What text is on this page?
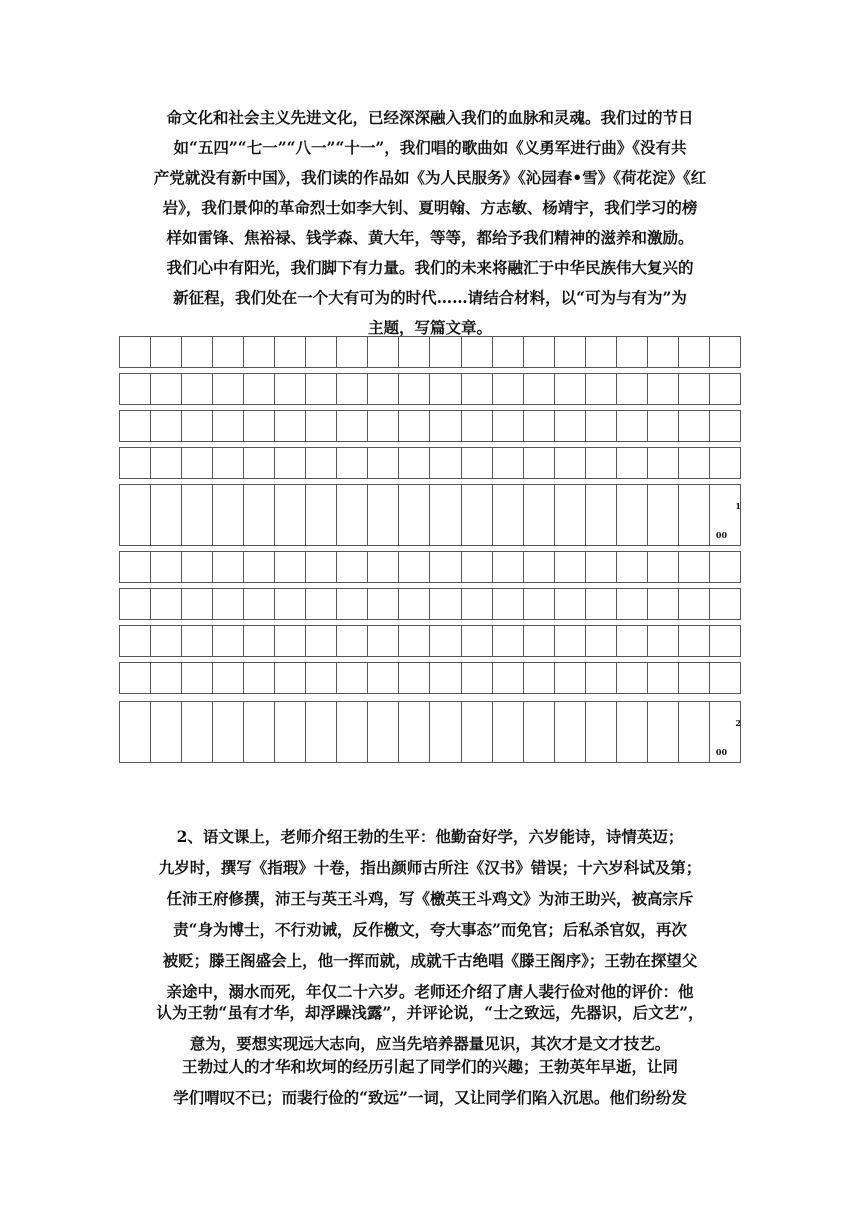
命文化和社会主义先进文化，已经深深融入我们的血脉和灵魂。我们过的节日
如“五四”“七一”“八一”“十一”，我们唱的歌曲如《义勇军进行曲》《没有共
产党就没有新中国》，我们读的作品如《为人民服务》《沁园春•雪》《荷花淀》《红
岩》，我们景仰的革命烈士如李大钊、夏明翰、方志敏、杨靖宇，我们学习的榜
样如雷锋、焦裕禄、钱学森、黄大年，等等，都给予我们精神的滋养和激励。
我们心中有阳光，我们脚下有力量。我们的未来将融汇于中华民族伟大复兴的
新征程，我们处在一个大有可为的时代……请结合材料，以“可为与有为”为
主题，写篇文章。
1
00
2
00
2、语文课上，老师介绍王勃的生平：他勤奋好学，六岁能诗，诗情英迈；
九岁时，撰写《指瑕》十卷，指出颜师古所注《汉书》错误；十六岁科试及第；
任沛王府修撰，沛王与英王斗鸡，写《檄英王斗鸡文》为沛王助兴，被高宗斥
责“身为博士，不行劝诫，反作檄文，夸大事态”而免官；后私杀官奴，再次
被贬；滕王阁盛会上，他一挥而就，成就千古绝唱《滕王阁序》；王勃在探望父
亲途中，溺水而死，年仅二十六岁。老师还介绍了唐人裴行俭对他的评价：他
认为王勃“虽有才华，却浮躁浅露”，并评论说，“士之致远，先器识，后文艺”，
意为，要想实现远大志向，应当先培养器量见识，其次才是文才技艺。
王勃过人的才华和坎坷的经历引起了同学们的兴趣；王勃英年早逝，让同
学们喟叹不已；而裴行俭的“致远”一词，又让同学们陷入沉思。他们纷纷发
